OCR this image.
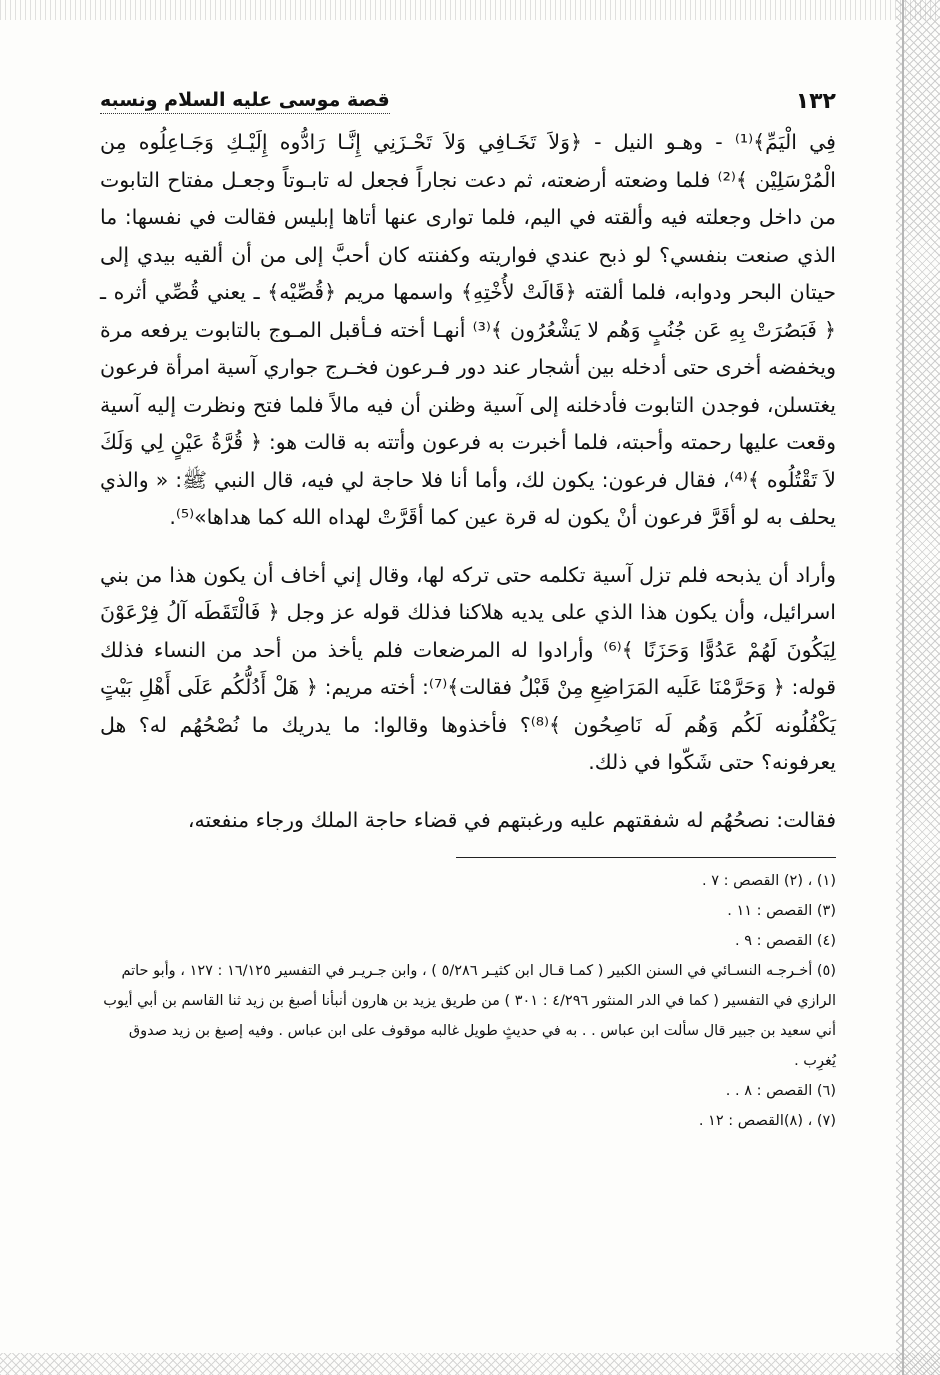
١٣٢
قصة موسى عليه السلام ونسبه

فِي الْيَمِّ﴾⁽¹⁾ - وهـو النيل - ﴿وَلاَ تَخَـافِي وَلاَ تَحْـزَنِي إِنَّـا رَادُّوه إِلَيْـكِ وَجَـاعِلُوه مِن الْمُرْسَلِيْن ﴾⁽²⁾ فلما وضعته أرضعته، ثم دعت نجاراً فجعل له تابـوتاً وجعـل مفتاح التابوت من داخل وجعلته فيه وألقته في اليم، فلما توارى عنها أتاها إبليس فقالت في نفسها: ما الذي صنعت بنفسي؟ لو ذبح عندي فواريته وكفنته كان أحبَّ إلى من أن ألقيه بيدي إلى حيتان البحر ودوابه، فلما ألقته ﴿قَالَتْ لأُخْتِهِ﴾ واسمها مريم ﴿قُصِّيْه﴾ ـ يعني قُصِّي أثره ـ ﴿ فَبَصُرَتْ بِهِ عَن جُنُبٍ وَهُم لا يَشْعُرُون ﴾⁽³⁾ أنهـا أخته فـأقبل المـوج بالتابوت يرفعه مرة ويخفضه أخرى حتى أدخله بين أشجار عند دور فـرعون فخـرج جواري آسية امرأة فرعون يغتسلن، فوجدن التابوت فأدخلنه إلى آسية وظنن أن فيه مالاً فلما فتح ونظرت إليه آسية وقعت عليها رحمته وأحبته، فلما أخبرت به فرعون وأتته به قالت هو: ﴿ قُرَّةُ عَيْنٍ لِي وَلَكَ لاَ تَقْتُلُوه ﴾⁽⁴⁾، فقال فرعون: يكون لك، وأما أنا فلا حاجة لي فيه، قال النبي ﷺ: « والذي يحلف به لو أقَرَّ فرعون أنْ يكون له قرة عين كما أقَرَّتْ لهداه الله كما هداها»⁽⁵⁾.

وأراد أن يذبحه فلم تزل آسية تكلمه حتى تركه لها، وقال إني أخاف أن يكون هذا من بني اسرائيل، وأن يكون هذا الذي على يديه هلاكنا فذلك قوله عز وجل ﴿ فَالْتَقَطَه آلُ فِرْعَوْنَ لِيَكُونَ لَهُمْ عَدُوًّا وَحَزَنًا ﴾⁽⁶⁾ وأرادوا له المرضعات فلم يأخذ من أحد من النساء فذلك قوله: ﴿ وَحَرَّمْنَا عَلَيه المَرَاضِعِ مِنْ قَبْلُ فقالت﴾⁽⁷⁾: أخته مريم: ﴿ هَلْ أَدُلُّكُم عَلَى أَهْلِ بَيْتٍ يَكْفُلُونه لَكُم وَهُم لَه نَاصِحُون ﴾⁽⁸⁾؟ فأخذوها وقالوا: ما يدريك ما نُصْحُهُم له؟ هل يعرفونه؟ حتى شَكّوا في ذلك.

فقالت: نصحُهُم له شفقتهم عليه ورغبتهم في قضاء حاجة الملك ورجاء منفعته،

(١) ، (٢) القصص : ٧ .
(٣) القصص : ١١ .
(٤) القصص : ٩ .
(٥) أخـرجـه النسـائي في السنن الكبير ( كمـا قـال ابن كثيـر ٥/٢٨٦ ) ، وابن جـريـر في التفسير ١٦/١٢٥ : ١٢٧ ، وأبو حاتم الرازي في التفسير ( كما في الدر المنثور ٤/٢٩٦ : ٣٠١ ) من طريق يزيد بن هارون أنبأنا أصبغ بن زيد ثنا القاسم بن أبي أيوب أني سعيد بن جبير قال سألت ابن عباس . . به في حديثٍ طويل غالبه موقوف على ابن عباس . وفيه إصبغ بن زيد صدوق يُغرِب .
(٦) القصص : ٨ . .
(٧) ، (٨)القصص : ١٢ .
